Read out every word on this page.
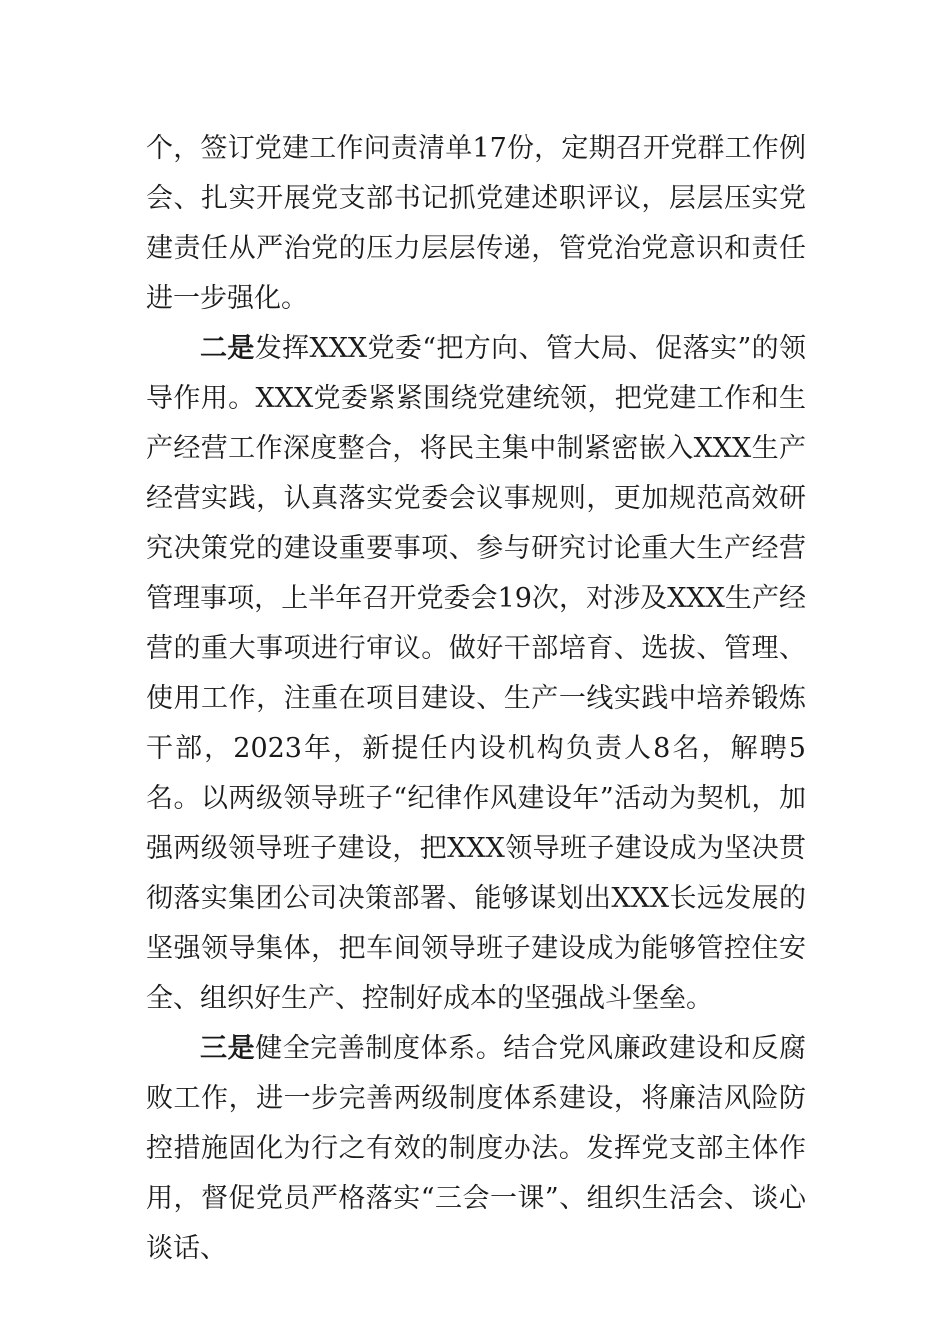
个，签订党建工作问责清单17份，定期召开党群工作例会、扎实开展党支部书记抓党建述职评议，层层压实党建责任从严治党的压力层层传递，管党治党意识和责任进一步强化。

二是发挥XXX党委“把方向、管大局、促落实”的领导作用。XXX党委紧紧围绕党建统领，把党建工作和生产经营工作深度整合，将民主集中制紧密嵌入XXX生产经营实践，认真落实党委会议事规则，更加规范高效研究决策党的建设重要事项、参与研究讨论重大生产经营管理事项，上半年召开党委会19次，对涉及XXX生产经营的重大事项进行审议。做好干部培育、选拔、管理、使用工作，注重在项目建设、生产一线实践中培养锻炼干部，2023年，新提任内设机构负责人8名，解聘5名。以两级领导班子“纪律作风建设年”活动为契机，加强两级领导班子建设，把XXX领导班子建设成为坚决贯彻落实集团公司决策部署、能够谋划出XXX长远发展的坚强领导集体，把车间领导班子建设成为能够管控住安全、组织好生产、控制好成本的坚强战斗堡垒。

三是健全完善制度体系。结合党风廉政建设和反腐败工作，进一步完善两级制度体系建设，将廉洁风险防控措施固化为行之有效的制度办法。发挥党支部主体作用，督促党员严格落实“三会一课”、组织生活会、谈心谈话、
